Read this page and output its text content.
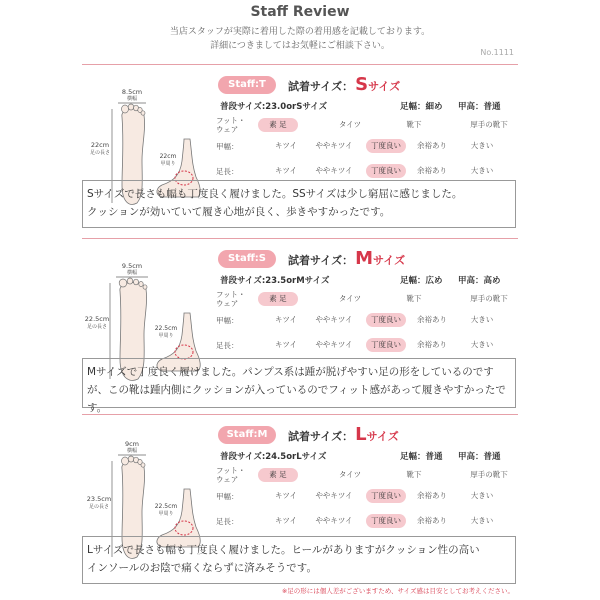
Staff Review
当店スタッフが実際に着用した際の着用感を記載しております。
詳細につきましてはお気軽にご相談下さい。
No.1111
8.5cm
横幅
22cm
足の長さ	22cm
甲周り
Staff:T	試着サイズ： Sサイズ
普段サイズ:23.0orSサイズ	足幅：細め 甲高：普通
フット・
ウェア
素 足	タイツ	靴下	厚手の靴下
甲幅：	キツイ	ややキツイ	丁度良い	余裕あり	大きい
足長：	キツイ	ややキツイ	丁度良い	余裕あり	大きい
Sサイズで長さも幅も丁度良く履けました。SSサイズは少し窮屈に感じました。
クッションが効いていて履き心地が良く、歩きやすかったです。
9.5cm
横幅
22.5cm
足の長さ	22.5cm
甲周り
Staff:S	試着サイズ： Mサイズ
普段サイズ:23.5orMサイズ	足幅：広め 甲高：高め
フット・
ウェア
素 足	タイツ	靴下	厚手の靴下
甲幅：	キツイ	ややキツイ	丁度良い	余裕あり	大きい
足長：	キツイ	ややキツイ	丁度良い	余裕あり	大きい
Mサイズで丁度良く履けました。パンプス系は踵が脱げやすい足の形をしているのです
が、この靴は踵内側にクッションが入っているのでフィット感があって履きやすかったです。
9cm
横幅
23.5cm
足の長さ	22.5cm
甲周り
Staff:M	試着サイズ： Lサイズ
普段サイズ:24.5orLサイズ	足幅：普通 甲高：普通
フット・
ウェア
素 足	タイツ	靴下	厚手の靴下
甲幅：	キツイ	ややキツイ	丁度良い	余裕あり	大きい
足長：	キツイ	ややキツイ	丁度良い	余裕あり	大きい
Lサイズで長さも幅も丁度良く履けました。ヒールがありますがクッション性の高い
インソールのお陰で痛くならずに済みそうです。
※足の形には個人差がございますため、サイズ感は目安としてお考えください。
